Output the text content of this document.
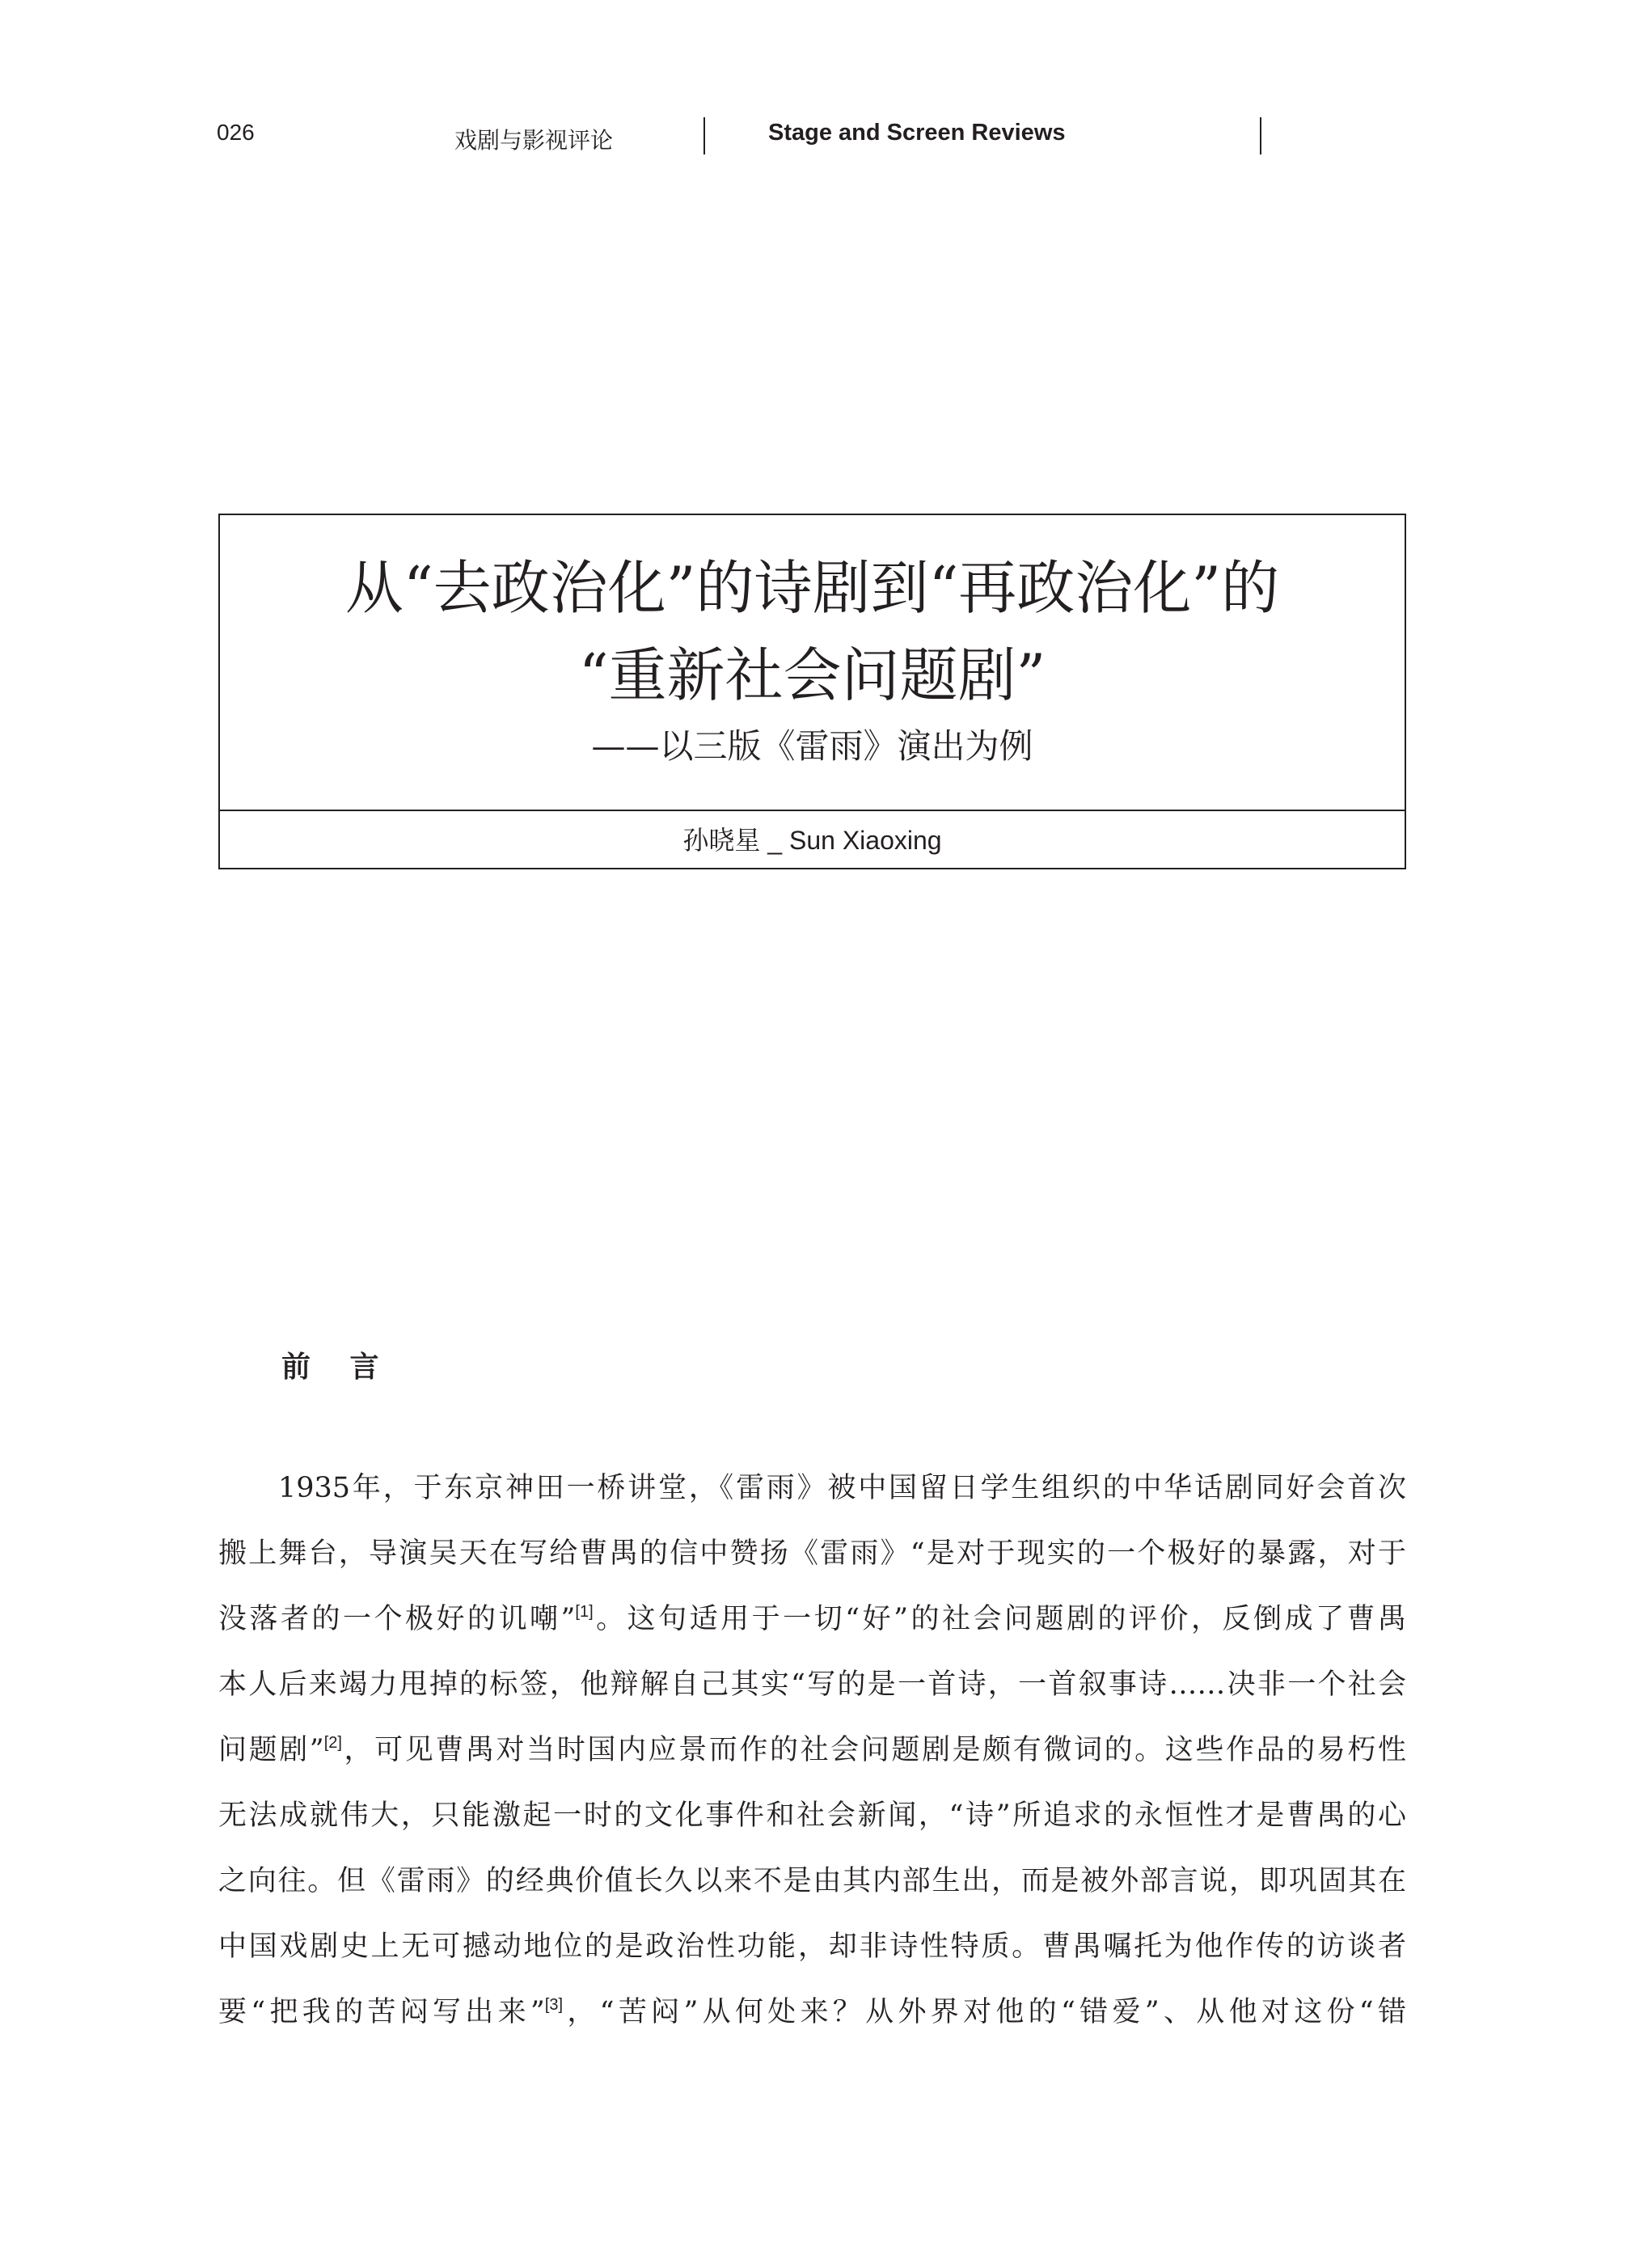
026	戏剧与影视评论	Stage and Screen Reviews
从“去政治化”的诗剧到“再政治化”的
“重新社会问题剧”
——以三版《雷雨》演出为例
孙晓星 _ Sun Xiaoxing
前 言
1935年，于东京神田一桥讲堂，《雷雨》被中国留日学生组织的中华话剧同好会首次
搬上舞台，导演吴天在写给曹禺的信中赞扬《雷雨》“是对于现实的一个极好的暴露，对于
没落者的一个极好的讥嘲”[1]。这句适用于一切“好”的社会问题剧的评价，反倒成了曹禺
本人后来竭力甩掉的标签，他辩解自己其实“写的是一首诗，一首叙事诗……决非一个社会
问题剧”[2]，可见曹禺对当时国内应景而作的社会问题剧是颇有微词的。这些作品的易朽性
无法成就伟大，只能激起一时的文化事件和社会新闻，“诗”所追求的永恒性才是曹禺的心
之向往。但《雷雨》的经典价值长久以来不是由其内部生出，而是被外部言说，即巩固其在
中国戏剧史上无可撼动地位的是政治性功能，却非诗性特质。曹禺嘱托为他作传的访谈者
要“把我的苦闷写出来”[3]，“苦闷”从何处来？从外界对他的“错爱”、从他对这份“错
